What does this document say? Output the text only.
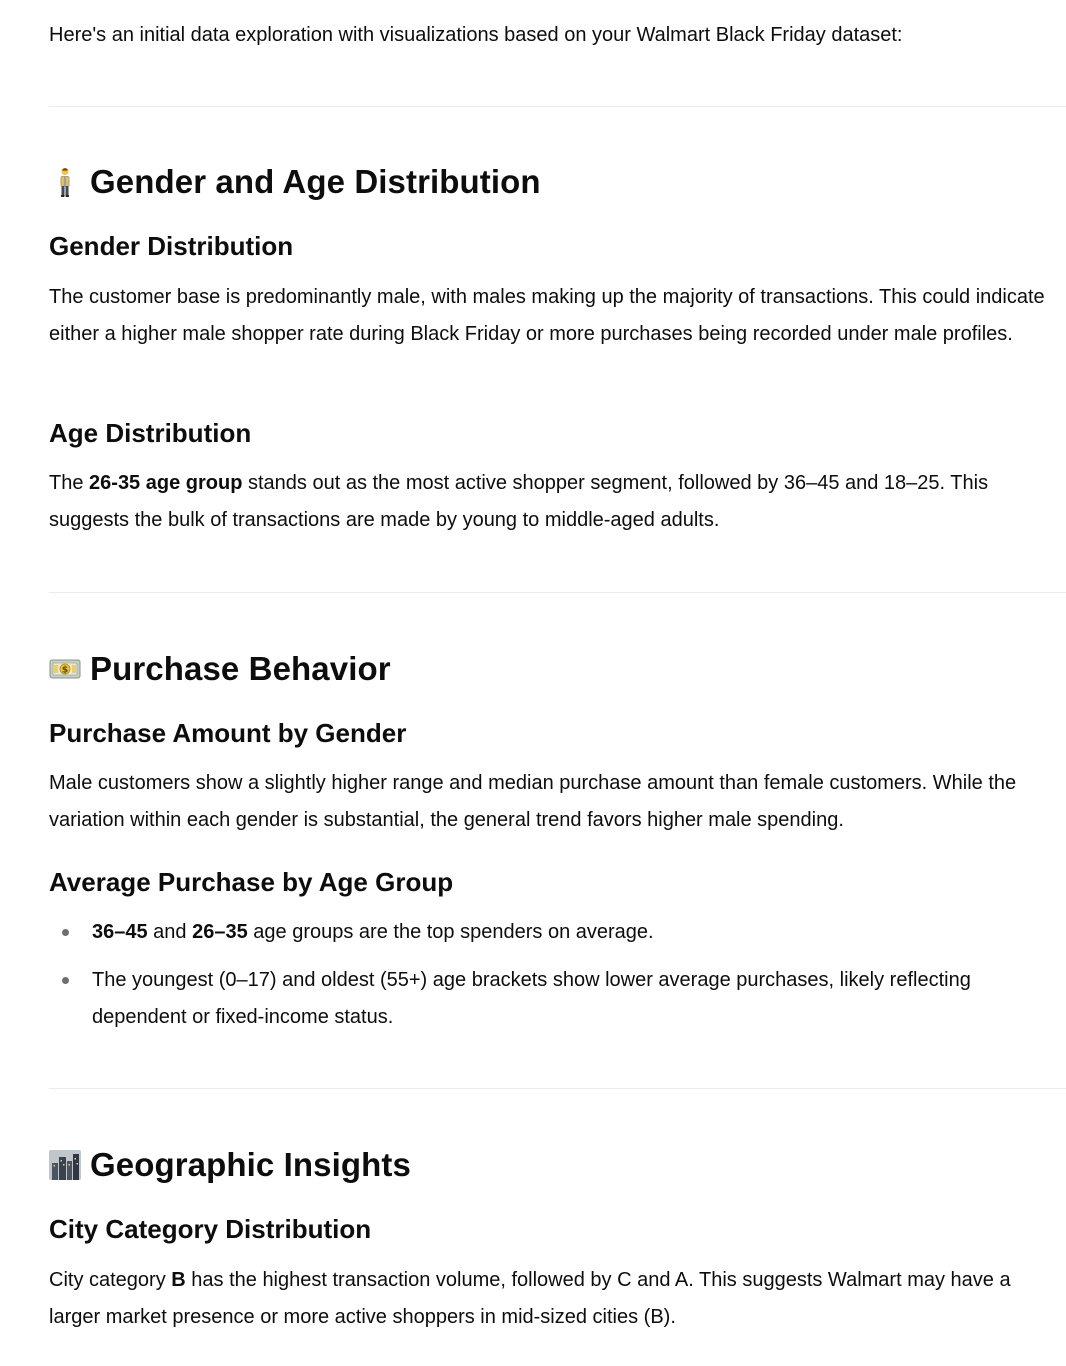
Here's an initial data exploration with visualizations based on your Walmart Black Friday dataset:

Gender and Age Distribution
Gender Distribution

The customer base is predominantly male, with males making up the majority of transactions. This could indicate either a higher male shopper rate during Black Friday or more purchases being recorded under male profiles.

Age Distribution

The 26-35 age group stands out as the most active shopper segment, followed by 36–45 and 18–25. This suggests the bulk of transactions are made by young to middle-aged adults.

$ Purchase Behavior
Purchase Amount by Gender

Male customers show a slightly higher range and median purchase amount than female customers. While the variation within each gender is substantial, the general trend favors higher male spending.

Average Purchase by Age Group
36–45 and 26–35 age groups are the top spenders on average.
The youngest (0–17) and oldest (55+) age brackets show lower average purchases, likely reflecting dependent or fixed-income status.
Geographic Insights
City Category Distribution

City category B has the highest transaction volume, followed by C and A. This suggests Walmart may have a larger market presence or more active shoppers in mid-sized cities (B).
